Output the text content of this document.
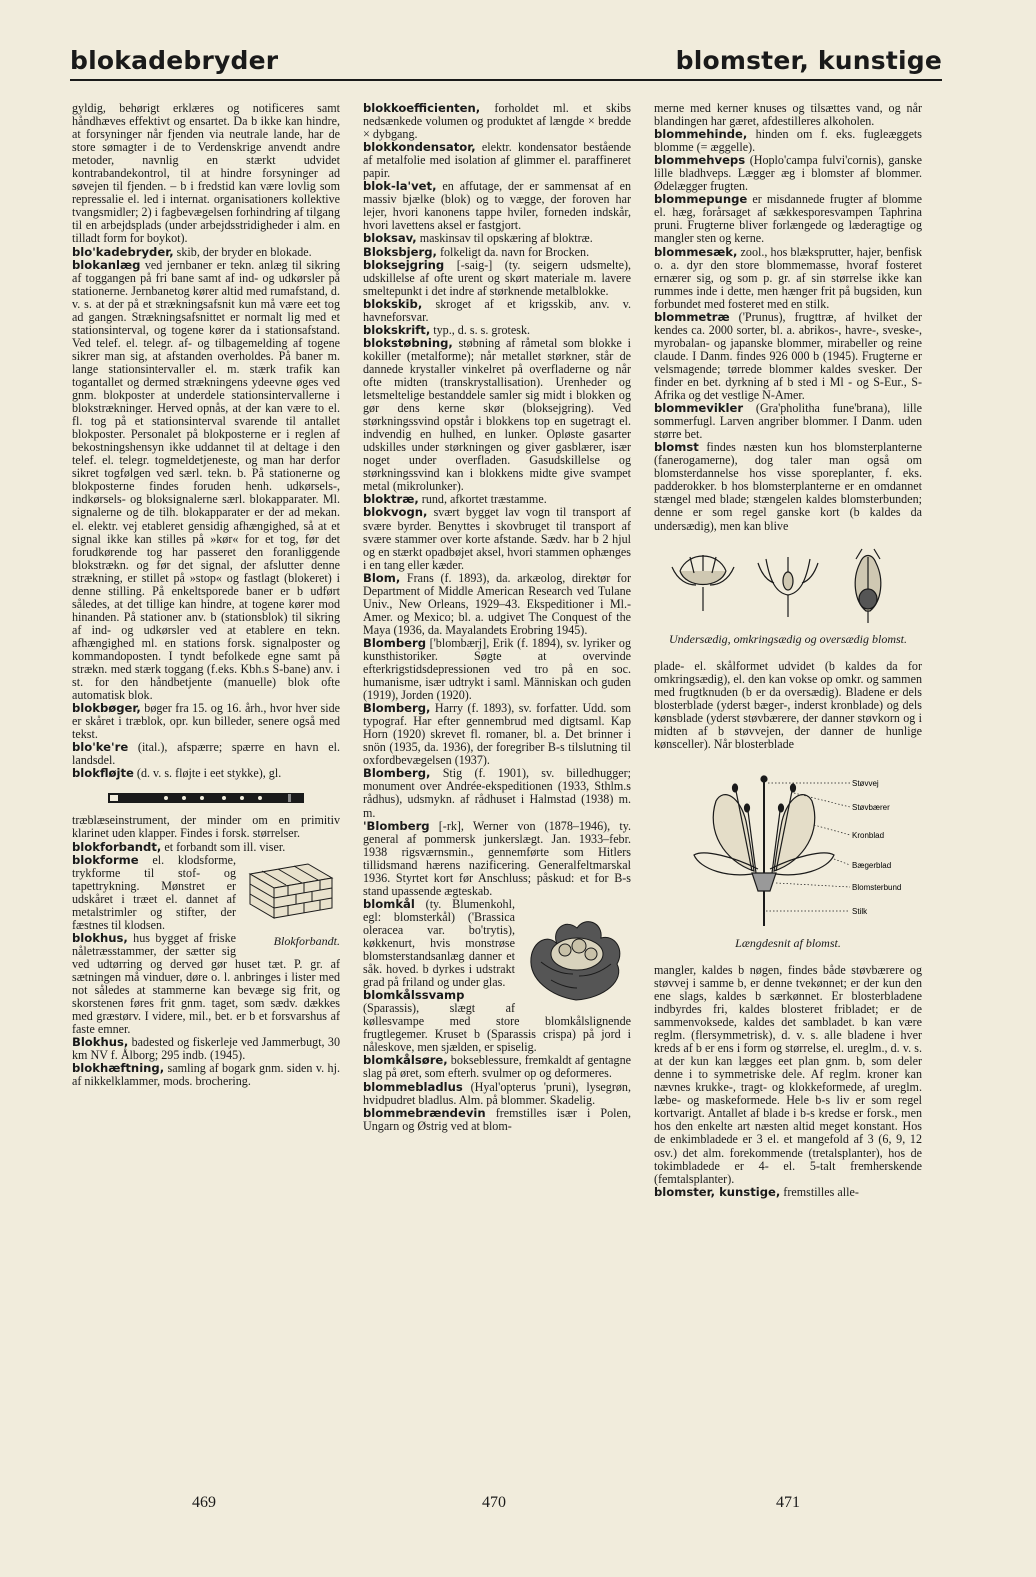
blokadebryder	blomster, kunstige

gyldig, behørigt erklæres og notificeres samt håndhæves effektivt og ensartet. Da b ikke kan hindre, at forsyninger når fjenden via neutrale lande, har de store sømagter i de to Verdenskrige anvendt andre metoder, navnlig en stærkt udvidet kontrabandekontrol, til at hindre forsyninger ad søvejen til fjenden. – b i fredstid kan være lovlig som repressalie el. led i internat. organisationers kollektive tvangsmidler; 2) i fagbevægelsen forhindring af tilgang til en arbejdsplads (under arbejdsstridigheder i alm. en tilladt form for boykot).

blo'kadebryder, skib, der bryder en blokade.

blokanlæg ved jernbaner er tekn. anlæg til sikring af toggangen på fri bane samt af ind- og udkørsler på stationerne. Jernbanetog kører altid med rumafstand, d. v. s. at der på et strækningsafsnit kun må være eet tog ad gangen. Strækningsafsnittet er normalt lig med et stationsinterval, og togene kører da i stationsafstand. Ved telef. el. telegr. af- og tilbagemelding af togene sikrer man sig, at afstanden overholdes. På baner m. lange stationsintervaller el. m. stærk trafik kan togantallet og dermed strækningens ydeevne øges ved gnm. blokposter at underdele stationsintervallerne i blokstrækninger. Herved opnås, at der kan være to el. fl. tog på et stationsinterval svarende til antallet blokposter. Personalet på blokposterne er i reglen af bekostningshensyn ikke uddannet til at deltage i den telef. el. telegr. togmeldetjeneste, og man har derfor sikret togfølgen ved særl. tekn. b. På stationerne og blokposterne findes foruden henh. udkørsels-, indkørsels- og bloksignalerne særl. blokapparater. Ml. signalerne og de tilh. blokapparater er der ad mekan. el. elektr. vej etableret gensidig afhængighed, så at et signal ikke kan stilles på »kør« for et tog, før det forudkørende tog har passeret den foranliggende blokstrækn. og før det signal, der afslutter denne strækning, er stillet på »stop« og fastlagt (blokeret) i denne stilling. På enkeltsporede baner er b udført således, at det tillige kan hindre, at togene kører mod hinanden. På stationer anv. b (stationsblok) til sikring af ind- og udkørsler ved at etablere en tekn. afhængighed ml. en stations forsk. signalposter og kommandoposten. I tyndt befolkede egne samt på strækn. med stærk toggang (f.eks. Kbh.s S-bane) anv. i st. for den håndbetjente (manuelle) blok ofte automatisk blok.

blokbøger, bøger fra 15. og 16. årh., hvor hver side er skåret i træblok, opr. kun billeder, senere også med tekst.

blo'ke're (ital.), afspærre; spærre en havn el. landsdel.

blokfløjte (d. v. s. fløjte i eet stykke), gl.

træblæseinstrument, der minder om en primitiv klarinet uden klapper. Findes i forsk. størrelser.

blokforbandt, et forbandt som ill. viser.

Blokforbandt.

blokforme el. klodsforme, trykforme til stof- og tapettrykning. Mønstret er udskåret i træet el. dannet af metalstrimler og stifter, der fæstnes til klodsen.

blokhus, hus bygget af friske nåletræsstammer, der sætter sig ved udtørring og derved gør huset tæt. P. gr. af sætningen må vinduer, døre o. l. anbringes i lister med not således at stammerne kan bevæge sig frit, og skorstenen føres frit gnm. taget, som sædv. dækkes med græstørv. I videre, mil., bet. er b et forsvarshus af faste emner.

Blokhus, badested og fiskerleje ved Jammerbugt, 30 km NV f. Ålborg; 295 indb. (1945).

blokhæftning, samling af bogark gnm. siden v. hj. af nikkelklammer, mods. brochering.

blokkoefficienten, forholdet ml. et skibs nedsænkede volumen og produktet af længde × bredde × dybgang.

blokkondensator, elektr. kondensator bestående af metalfolie med isolation af glimmer el. paraffineret papir.

blok-la'vet, en affutage, der er sammensat af en massiv bjælke (blok) og to vægge, der foroven har lejer, hvori kanonens tappe hviler, forneden indskår, hvori lavettens aksel er fastgjort.

bloksav, maskinsav til opskæring af bloktræ.

Bloksbjerg, folkeligt da. navn for Brocken.

bloksejgring [-saig-] (ty. seigern udsmelte), udskillelse af ofte urent og skørt materiale m. lavere smeltepunkt i det indre af størknende metalblokke.

blokskib, skroget af et krigsskib, anv. v. havneforsvar.

blokskrift, typ., d. s. s. grotesk.

blokstøbning, støbning af råmetal som blokke i kokiller (metalforme); når metallet størkner, står de dannede krystaller vinkelret på overfladerne og når ofte midten (transkrystallisation). Urenheder og letsmeltelige bestanddele samler sig midt i blokken og gør dens kerne skør (bloksejgring). Ved størkningssvind opstår i blokkens top en sugetragt el. indvendig en hulhed, en lunker. Opløste gasarter udskilles under størkningen og giver gasblærer, især noget under overfladen. Gasudskillelse og størkningssvind kan i blokkens midte give svampet metal (mikrolunker).

bloktræ, rund, afkortet træstamme.

blokvogn, svært bygget lav vogn til transport af svære byrder. Benyttes i skovbruget til transport af svære stammer over korte afstande. Sædv. har b 2 hjul og en stærkt opadbøjet aksel, hvori stammen ophænges i en tang eller kæder.

Blom, Frans (f. 1893), da. arkæolog, direktør for Department of Middle American Research ved Tulane Univ., New Orleans, 1929–43. Ekspeditioner i Ml.-Amer. og Mexico; bl. a. udgivet The Conquest of the Maya (1936, da. Mayalandets Erobring 1945).

Blomberg ['blombærj], Erik (f. 1894), sv. lyriker og kunsthistoriker. Søgte at overvinde efterkrigstidsdepressionen ved tro på en soc. humanisme, især udtrykt i saml. Människan och guden (1919), Jorden (1920).

Blomberg, Harry (f. 1893), sv. forfatter. Udd. som typograf. Har efter gennembrud med digtsaml. Kap Horn (1920) skrevet fl. romaner, bl. a. Det brinner i snön (1935, da. 1936), der foregriber B-s tilslutning til oxfordbevægelsen (1937).

Blomberg, Stig (f. 1901), sv. billedhugger; monument over Andrée-ekspeditionen (1933, Sthlm.s rådhus), udsmykn. af rådhuset i Halmstad (1938) m. m.

'Blomberg [-rk], Werner von (1878–1946), ty. general af pommersk junkerslægt. Jan. 1933–febr. 1938 rigsværnsmin., gennemførte som Hitlers tillidsmand hærens nazificering. Generalfeltmarskal 1936. Styrtet kort før Anschluss; påskud: et for B-s stand upassende ægteskab.

blomkål (ty. Blumenkohl, egl: blomsterkål) ('Brassica oleracea var. bo'trytis), køkkenurt, hvis monstrøse blomsterstandsanlæg danner et såk. hoved. b dyrkes i udstrakt grad på friland og under glas.

blomkålssvamp (Sparassis), slægt af køllesvampe med store blomkålslignende frugtlegemer. Kruset b (Sparassis crispa) på jord i nåleskove, men sjælden, er spiselig.

blomkålsøre, bokseblessure, fremkaldt af gentagne slag på øret, som efterh. svulmer op og deformeres.

blommebladlus (Hyal'opterus 'pruni), lysegrøn, hvidpudret bladlus. Alm. på blommer. Skadelig.

blommebrændevin fremstilles især i Polen, Ungarn og Østrig ved at blom-

merne med kerner knuses og tilsættes vand, og når blandingen har gæret, afdestilleres alkoholen.

blommehinde, hinden om f. eks. fugleæggets blomme (= æggelle).

blommehveps (Hoplo'campa fulvi'cornis), ganske lille bladhveps. Lægger æg i blomster af blommer. Ødelægger frugten.

blommepunge er misdannede frugter af blomme el. hæg, forårsaget af sækkesporesvampen Taphrina pruni. Frugterne bliver forlængede og læderagtige og mangler sten og kerne.

blommesæk, zool., hos blæksprutter, hajer, benfisk o. a. dyr den store blommemasse, hvoraf fosteret ernærer sig, og som p. gr. af sin størrelse ikke kan rummes inde i dette, men hænger frit på bugsiden, kun forbundet med fosteret med en stilk.

blommetræ ('Prunus), frugttræ, af hvilket der kendes ca. 2000 sorter, bl. a. abrikos-, havre-, sveske-, myrobalan- og japanske blommer, mirabeller og reine claude. I Danm. findes 926 000 b (1945). Frugterne er velsmagende; tørrede blommer kaldes svesker. Der finder en bet. dyrkning af b sted i Ml - og S-Eur., S-Afrika og det vestlige N-Amer.

blommevikler (Gra'pholitha fune'brana), lille sommerfugl. Larven angriber blommer. I Danm. uden større bet.

blomst findes næsten kun hos blomsterplanterne (fanerogamerne), dog taler man også om blomsterdannelse hos visse sporeplanter, f. eks. padderokker. b hos blomsterplanterne er en omdannet stængel med blade; stængelen kaldes blomsterbunden; denne er som regel ganske kort (b kaldes da undersædig), men kan blive

Undersædig, omkringsædig og oversædig blomst.

plade- el. skålformet udvidet (b kaldes da for omkringsædig), el. den kan vokse op omkr. og sammen med frugtknuden (b er da oversædig). Bladene er dels blosterblade (yderst bæger-, inderst kronblade) og dels kønsblade (yderst støvbærere, der danner støvkorn og i midten af b støvvejen, der danner de hunlige kønsceller). Når blosterblade

Støvvej
Støvbærer
Kronblad
Bægerblad
Blomsterbund
Stilk
Længdesnit af blomst.

mangler, kaldes b nøgen, findes både støvbærere og støvvej i samme b, er denne tvekønnet; er der kun den ene slags, kaldes b særkønnet. Er blosterbladene indbyrdes fri, kaldes blosteret fribladet; er de sammenvoksede, kaldes det sambladet. b kan være reglm. (flersymmetrisk), d. v. s. alle bladene i hver kreds af b er ens i form og størrelse, el. ureglm., d. v. s. at der kun kan lægges eet plan gnm. b, som deler denne i to symmetriske dele. Af reglm. kroner kan nævnes krukke-, tragt- og klokkeformede, af ureglm. læbe- og maskeformede. Hele b-s liv er som regel kortvarigt. Antallet af blade i b-s kredse er forsk., men hos den enkelte art næsten altid meget konstant. Hos de enkimbladede er 3 el. et mangefold af 3 (6, 9, 12 osv.) det alm. forekommende (tretalsplanter), hos de tokimbladede er 4- el. 5-talt fremherskende (femtalsplanter).

blomster, kunstige, fremstilles alle-

469	470	471
